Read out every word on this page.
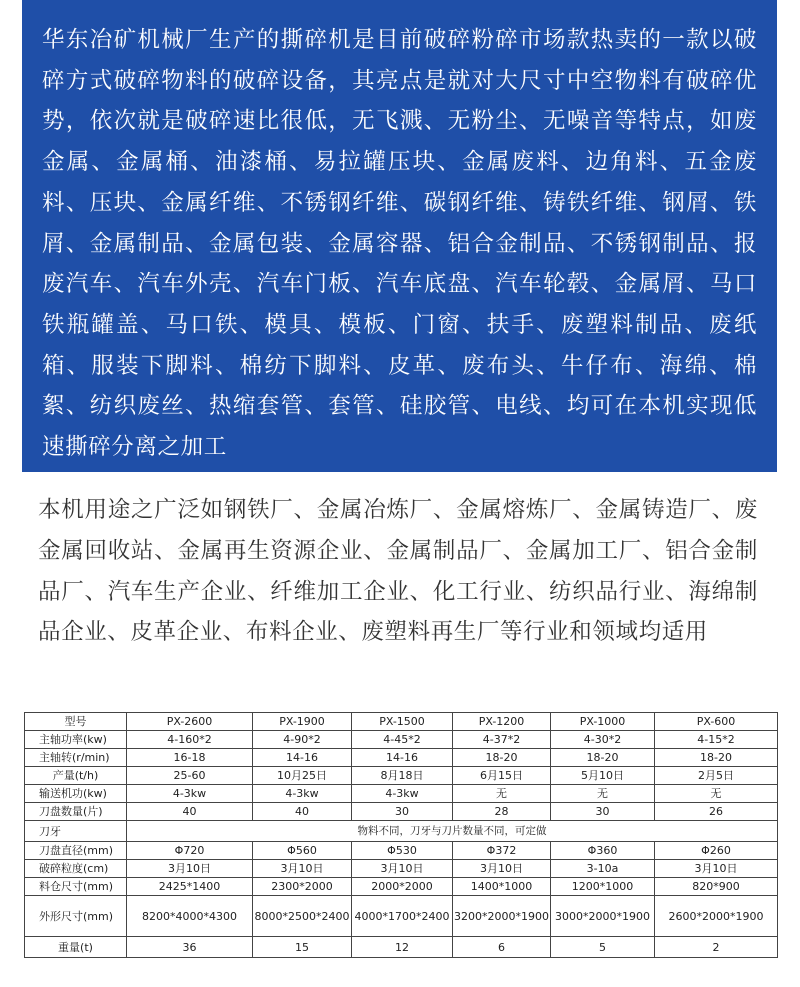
华东冶矿机械厂生产的撕碎机是目前破碎粉碎市场款热卖的一款以破碎方式破碎物料的破碎设备，其亮点是就对大尺寸中空物料有破碎优势，依次就是破碎速比很低，无飞溅、无粉尘、无噪音等特点，如废金属、金属桶、油漆桶、易拉罐压块、金属废料、边角料、五金废料、压块、金属纤维、不锈钢纤维、碳钢纤维、铸铁纤维、钢屑、铁屑、金属制品、金属包装、金属容器、铝合金制品、不锈钢制品、报废汽车、汽车外壳、汽车门板、汽车底盘、汽车轮毂、金属屑、马口铁瓶罐盖、马口铁、模具、模板、门窗、扶手、废塑料制品、废纸箱、服装下脚料、棉纺下脚料、皮革、废布头、牛仔布、海绵、棉絮、纺织废丝、热缩套管、套管、硅胶管、电线、均可在本机实现低速撕碎分离之加工

本机用途之广泛如钢铁厂、金属冶炼厂、金属熔炼厂、金属铸造厂、废金属回收站、金属再生资源企业、金属制品厂、金属加工厂、铝合金制品厂、汽车生产企业、纤维加工企业、化工行业、纺织品行业、海绵制品企业、皮革企业、布料企业、废塑料再生厂等行业和领域均适用

型号	PX-2600	PX-1900	PX-1500	PX-1200	PX-1000	PX-600
主轴功率(kw)	4-160*2	4-90*2	4-45*2	4-37*2	4-30*2	4-15*2
主轴转(r/min)	16-18	14-16	14-16	18-20	18-20	18-20
产量(t/h)	25-60	10月25日	8月18日	6月15日	5月10日	2月5日
输送机功(kw)	4-3kw	4-3kw	4-3kw	无	无	无
刀盘数量(片)	40	40	30	28	30	26
刀牙	物料不同，刀牙与刀片数量不同，可定做					
刀盘直径(mm)	Φ720	Φ560	Φ530	Φ372	Φ360	Φ260
破碎粒度(cm)	3月10日	3月10日	3月10日	3月10日	3-10a	3月10日
料仓尺寸(mm)	2425*1400	2300*2000	2000*2000	1400*1000	1200*1000	820*900
外形尺寸(mm)	8200*4000*4300	8000*2500*2400	4000*1700*2400	3200*2000*1900	3000*2000*1900	2600*2000*1900
重量(t)	36	15	12	6	5	2
